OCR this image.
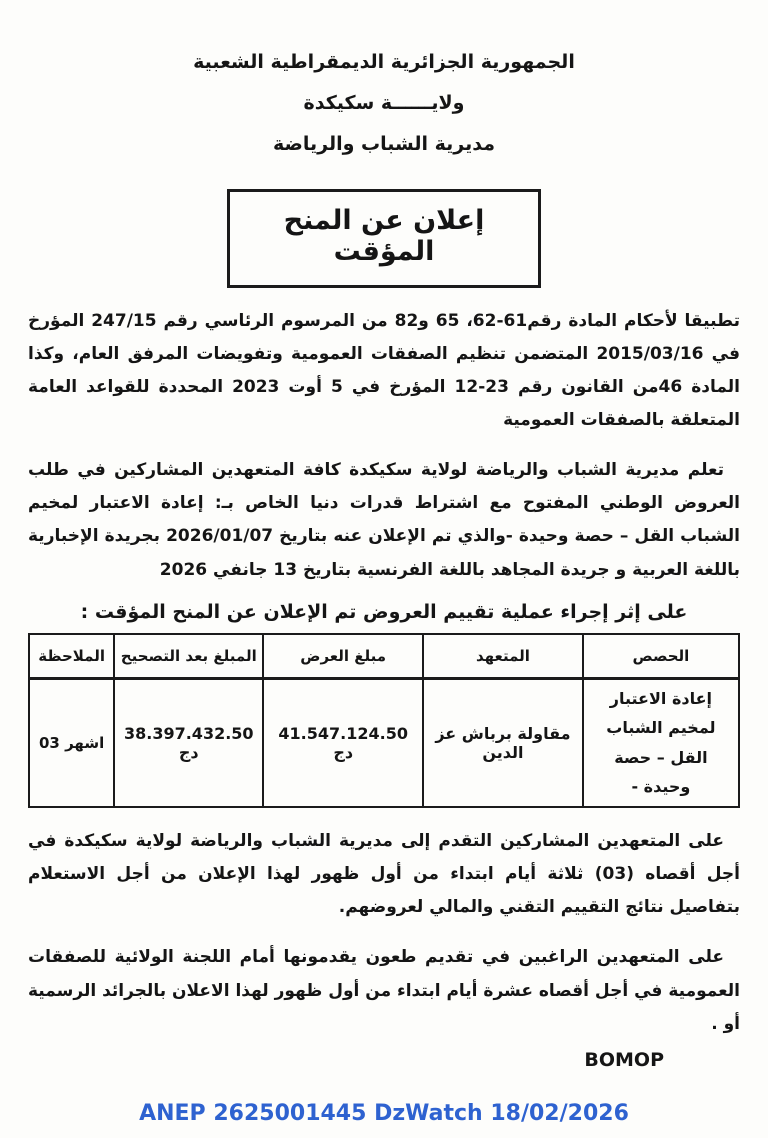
الجمهورية الجزائرية الديمقراطية الشعبية
ولايــــــة سكيكدة
مديرية الشباب والرياضة
إعلان عن المنح المؤقت

تطبيقا لأحكام المادة رقم61-62، 65 و82 من المرسوم الرئاسي رقم 247/15 المؤرخ في 2015/03/16 المتضمن تنظيم الصفقات العمومية وتفويضات المرفق العام، وكذا المادة 46من القانون رقم 23-12 المؤرخ في 5 أوت 2023 المحددة للقواعد العامة المتعلقة بالصفقات العمومية

تعلم مديرية الشباب والرياضة لولاية سكيكدة كافة المتعهدين المشاركين في طلب العروض الوطني المفتوح مع اشتراط قدرات دنيا الخاص بـ: إعادة الاعتبار لمخيم الشباب القل – حصة وحيدة -والذي تم الإعلان عنه بتاريخ 2026/01/07 بجريدة الإخبارية باللغة العربية و جريدة المجاهد باللغة الفرنسية بتاريخ 13 جانفي 2026

على إثر إجراء عملية تقييم العروض تم الإعلان عن المنح المؤقت :
الحصص	المتعهد	مبلغ العرض	المبلغ بعد التصحيح	الملاحظة
إعادة الاعتبار لمخيم الشباب القل – حصة وحيدة -	مقاولة برباش عز الدين	41.547.124.50 دج	38.397.432.50 دج	03 اشهر

على المتعهدين المشاركين التقدم إلى مديرية الشباب والرياضة لولاية سكيكدة في أجل أقصاه (03) ثلاثة أيام ابتداء من أول ظهور لهذا الإعلان من أجل الاستعلام بتفاصيل نتائج التقييم التقني والمالي لعروضهم.

على المتعهدين الراغبين في تقديم طعون يقدمونها أمام اللجنة الولائية للصفقات العمومية في أجل أقصاه عشرة أيام ابتداء من أول ظهور لهذا الاعلان بالجرائد الرسمية أو .

BOMOP
ANEP 2625001445 DzWatch 18/02/2026
